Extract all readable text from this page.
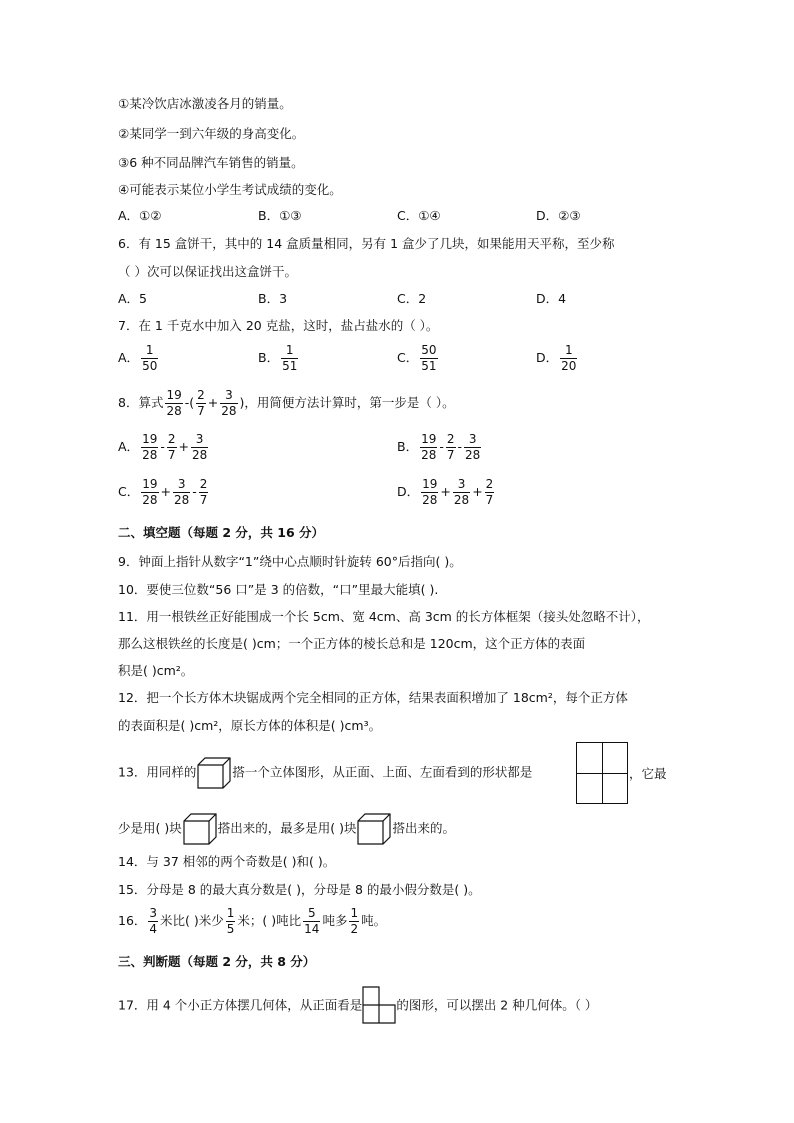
①某冷饮店冰激凌各月的销量。
②某同学一到六年级的身高变化。
③6 种不同品牌汽车销售的销量。
④可能表示某位小学生考试成绩的变化。
A．①②	B．①③	C．①④	D．②③
6．有 15 盒饼干，其中的 14 盒质量相同，另有 1 盒少了几块，如果能用天平称，至少称
（ ）次可以保证找出这盒饼干。
A．5	B．3	C．2	D．4
7．在 1 千克水中加入 20 克盐，这时，盐占盐水的（ ）。
A． $\frac{1}{50}$	B． $\frac{1}{51}$	C． $\frac{50}{51}$	D． $\frac{1}{20}$
8．算式 $\frac{19}{28}$ -( $\frac{2}{7} + \frac{3}{28}$ )，用简便方法计算时，第一步是（ ）。
A． $\frac{19}{28} - \frac{2}{7} + \frac{3}{28}$	B． $\frac{19}{28} - \frac{2}{7} - \frac{3}{28}$
C． $\frac{19}{28} + \frac{3}{28} - \frac{2}{7}$	D． $\frac{19}{28} + \frac{3}{28} + \frac{2}{7}$
二、填空题（每题 2 分，共 16 分）
9．钟面上指针从数字“1”绕中心点顺时针旋转 60°后指向( )。
10．要使三位数“56 口”是 3 的倍数，“口”里最大能填( ).
11．用一根铁丝正好能围成一个长 5cm、宽 4cm、高 3cm 的长方体框架（接头处忽略不计），
那么这根铁丝的长度是( )cm；一个正方体的棱长总和是 120cm，这个正方体的表面
积是( )cm²。
12．把一个长方体木块锯成两个完全相同的正方体，结果表面积增加了 18cm²，每个正方体
的表面积是( )cm²，原长方体的体积是( )cm³。
13．用同样的	搭一个立体图形，从正面、上面、左面看到的形状都是	，它最
少是用( )块	搭出来的，最多是用( )块	搭出来的。
14．与 37 相邻的两个奇数是( )和( )。
15．分母是 8 的最大真分数是( )，分母是 8 的最小假分数是( )。
16． $\frac{3}{4}$ 米比( )米少 $\frac{1}{5}$ 米；( )吨比 $\frac{5}{14}$ 吨多 $\frac{1}{2}$ 吨。
三、判断题（每题 2 分，共 8 分）
17．用 4 个小正方体摆几何体，从正面看是	的图形，可以摆出 2 种几何体。（ ）
